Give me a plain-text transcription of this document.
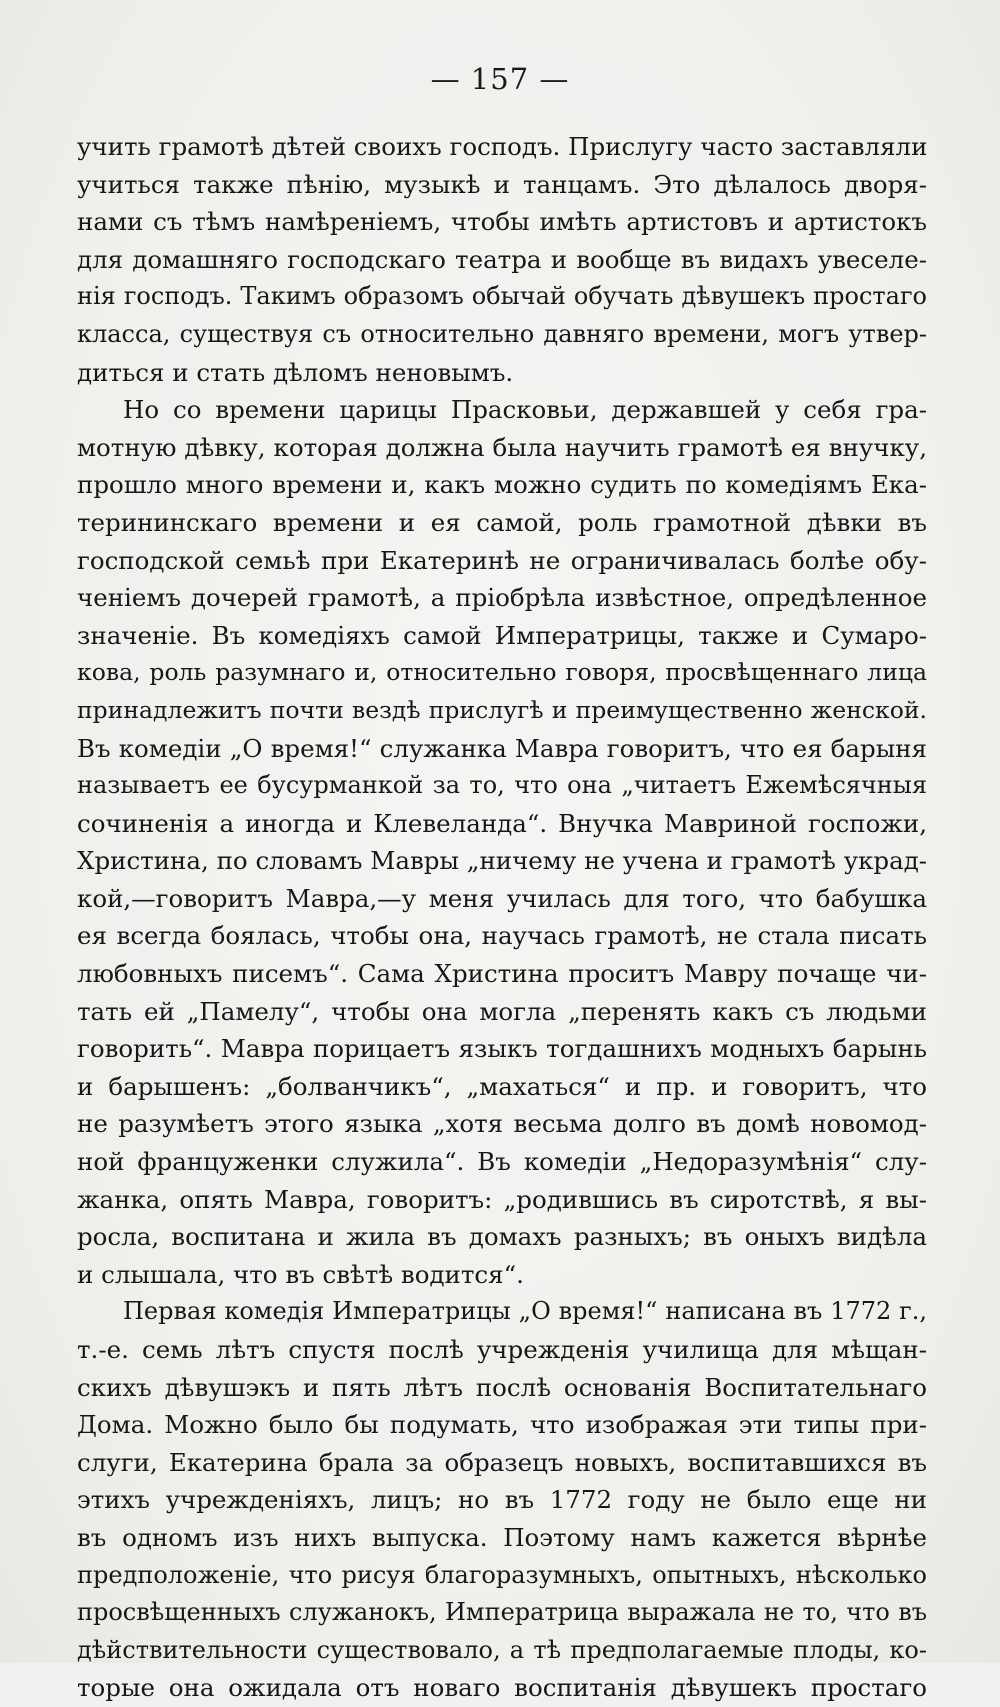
— 157 —
учить грамотѣ дѣтей своихъ господъ. Прислугу часто заставляли
учиться также пѣнію, музыкѣ и танцамъ. Это дѣлалось дворя-
нами съ тѣмъ намѣреніемъ, чтобы имѣть артистовъ и артистокъ
для домашняго господскаго театра и вообще въ видахъ увеселе-
нія господъ. Такимъ образомъ обычай обучать дѣвушекъ простаго
класса, существуя съ относительно давняго времени, могъ утвер-
диться и стать дѣломъ неновымъ.
Но со времени царицы Прасковьи, державшей у себя гра-
мотную дѣвку, которая должна была научить грамотѣ ея внучку,
прошло много времени и, какъ можно судить по комедіямъ Ека-
терининскаго времени и ея самой, роль грамотной дѣвки въ
господской семьѣ при Екатеринѣ не ограничивалась болѣе обу-
ченіемъ дочерей грамотѣ, а пріобрѣла извѣстное, опредѣленное
значеніе. Въ комедіяхъ самой Императрицы, также и Сумаро-
кова, роль разумнаго и, относительно говоря, просвѣщеннаго лица
принадлежитъ почти вездѣ прислугѣ и преимущественно женской.
Въ комедіи „О время!“ служанка Мавра говоритъ, что ея барыня
называетъ ее бусурманкой за то, что она „читаетъ Ежемѣсячныя
сочиненія а иногда и Клевеланда“. Внучка Мавриной госпожи,
Христина, по словамъ Мавры „ничему не учена и грамотѣ украд-
кой,—говоритъ Мавра,—у меня училась для того, что бабушка
ея всегда боялась, чтобы она, научась грамотѣ, не стала писать
любовныхъ писемъ“. Сама Христина проситъ Мавру почаще чи-
тать ей „Памелу“, чтобы она могла „перенять какъ съ людьми
говорить“. Мавра порицаетъ языкъ тогдашнихъ модныхъ барынь
и барышенъ: „болванчикъ“, „махаться“ и пр. и говоритъ, что
не разумѣетъ этого языка „хотя весьма долго въ домѣ новомод-
ной француженки служила“. Въ комедіи „Недоразумѣнія“ слу-
жанка, опять Мавра, говоритъ: „родившись въ сиротствѣ, я вы-
росла, воспитана и жила въ домахъ разныхъ; въ оныхъ видѣла
и слышала, что въ свѣтѣ водится“.
Первая комедія Императрицы „О время!“ написана въ 1772 г.,
т.-е. семь лѣтъ спустя послѣ учрежденія училища для мѣщан-
скихъ дѣвушэкъ и пять лѣтъ послѣ основанія Воспитательнаго
Дома. Можно было бы подумать, что изображая эти типы при-
слуги, Екатерина брала за образецъ новыхъ, воспитавшихся въ
этихъ учрежденіяхъ, лицъ; но въ 1772 году не было еще ни
въ одномъ изъ нихъ выпуска. Поэтому намъ кажется вѣрнѣе
предположеніе, что рисуя благоразумныхъ, опытныхъ, нѣсколько
просвѣщенныхъ служанокъ, Императрица выражала не то, что въ
дѣйствительности существовало, а тѣ предполагаемые плоды, ко-
торые она ожидала отъ новаго воспитанія дѣвушекъ простаго
